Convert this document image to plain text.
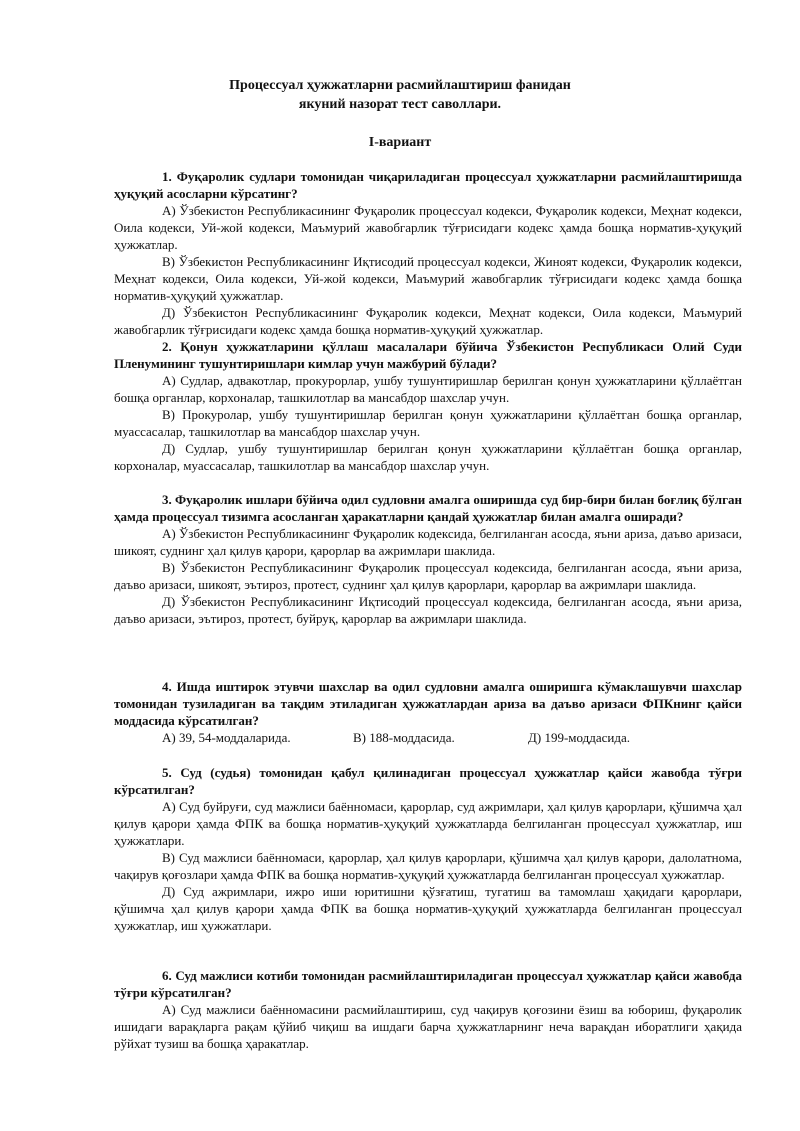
Процессуал ҳужжатларни расмийлаштириш фанидан
якуний назорат тест саволлари.
I-вариант

1. Фуқаролик судлари томонидан чиқариладиган процессуал ҳужжатларни расмийлаштиришда ҳуқуқий асосларни кўрсатинг?

А) Ўзбекистон Республикасининг Фуқаролик процессуал кодекси, Фуқаролик кодекси, Меҳнат кодекси, Оила кодекси, Уй-жой кодекси, Маъмурий жавобгарлик тўғрисидаги кодекс ҳамда бошқа норматив-ҳуқуқий ҳужжатлар.

В) Ўзбекистон Республикасининг Иқтисодий процессуал кодекси, Жиноят кодекси, Фуқаролик кодекси, Меҳнат кодекси, Оила кодекси, Уй-жой кодекси, Маъмурий жавобгарлик тўғрисидаги кодекс ҳамда бошқа норматив-ҳуқуқий ҳужжатлар.

Д) Ўзбекистон Республикасининг Фуқаролик кодекси, Меҳнат кодекси, Оила кодекси, Маъмурий жавобгарлик тўғрисидаги кодекс ҳамда бошқа норматив-ҳуқуқий ҳужжатлар.

2. Қонун ҳужжатларини қўллаш масалалари бўйича Ўзбекистон Республикаси Олий Суди Пленумининг тушунтиришлари кимлар учун мажбурий бўлади?

А) Судлар, адвакотлар, прокурорлар, ушбу тушунтиришлар берилган қонун ҳужжатларини қўллаётган бошқа органлар, корхоналар, ташкилотлар ва мансабдор шахслар учун.

В) Прокуролар, ушбу тушунтиришлар берилган қонун ҳужжатларини қўллаётган бошқа органлар, муассасалар, ташкилотлар ва мансабдор шахслар учун.

Д) Судлар, ушбу тушунтиришлар берилган қонун ҳужжатларини қўллаётган бошқа органлар, корхоналар, муассасалар, ташкилотлар ва мансабдор шахслар учун.

3. Фуқаролик ишлари бўйича одил судловни амалга оширишда суд бир-бири билан боғлиқ бўлган ҳамда процессуал тизимга асосланган ҳаракатларни қандай ҳужжатлар билан амалга оширади?

А) Ўзбекистон Республикасининг Фуқаролик кодексида, белгиланган асосда, яъни ариза, даъво аризаси, шикоят, суднинг ҳал қилув қарори, қарорлар ва ажримлари шаклида.

В) Ўзбекистон Республикасининг Фуқаролик процессуал кодексида, белгиланган асосда, яъни ариза, даъво аризаси, шикоят, эътироз, протест, суднинг ҳал қилув қарорлари, қарорлар ва ажримлари шаклида.

Д) Ўзбекистон Республикасининг Иқтисодий процессуал кодексида, белгиланган асосда, яъни ариза, даъво аризаси, эътироз, протест, буйруқ, қарорлар ва ажримлари шаклида.

4. Ишда иштирок этувчи шахслар ва одил судловни амалга оширишга кўмаклашувчи шахслар томонидан тузиладиган ва тақдим этиладиган ҳужжатлардан ариза ва даъво аризаси ФПКнинг қайси моддасида кўрсатилган?

А) 39, 54-моддаларида.	В) 188-моддасида.	Д) 199-моддасида.

5. Суд (судья) томонидан қабул қилинадиган процессуал ҳужжатлар қайси жавобда тўғри кўрсатилган?

А) Суд буйруғи, суд мажлиси баённомаси, қарорлар, суд ажримлари, ҳал қилув қарорлари, қўшимча ҳал қилув қарори ҳамда ФПК ва бошқа норматив-ҳуқуқий ҳужжатларда белгиланган процессуал ҳужжатлар, иш ҳужжатлари.

В) Суд мажлиси баённомаси, қарорлар, ҳал қилув қарорлари, қўшимча ҳал қилув қарори, далолатнома, чақирув қоғозлари ҳамда ФПК ва бошқа норматив-ҳуқуқий ҳужжатларда белгиланган процессуал ҳужжатлар.

Д) Суд ажримлари, ижро иши юритишни қўзғатиш, тугатиш ва тамомлаш ҳақидаги қарорлари, қўшимча ҳал қилув қарори ҳамда ФПК ва бошқа норматив-ҳуқуқий ҳужжатларда белгиланган процессуал ҳужжатлар, иш ҳужжатлари.

6. Суд мажлиси котиби томонидан расмийлаштириладиган процессуал ҳужжатлар қайси жавобда тўғри кўрсатилган?

А) Суд мажлиси баённомасини расмийлаштириш, суд чақирув қоғозини ёзиш ва юбориш, фуқаролик ишидаги варақларга рақам қўйиб чиқиш ва ишдаги барча ҳужжатларнинг неча варақдан иборатлиги ҳақида рўйхат тузиш ва бошқа ҳаракатлар.
